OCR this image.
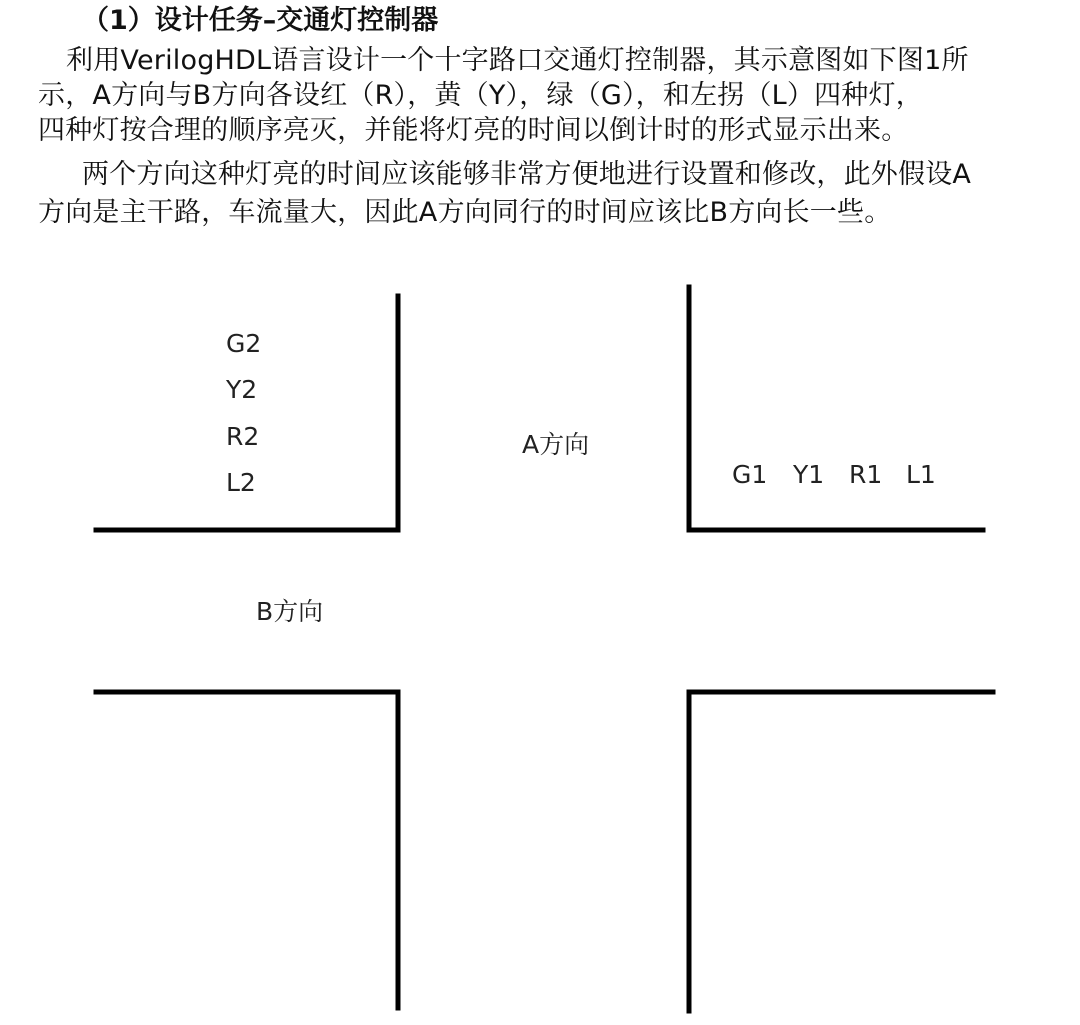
（1）设计任务–交通灯控制器
利用VerilogHDL语言设计一个十字路口交通灯控制器，其示意图如下图1所
示，A方向与B方向各设红（R），黄（Y），绿（G），和左拐（L）四种灯，
四种灯按合理的顺序亮灭，并能将灯亮的时间以倒计时的形式显示出来。
两个方向这种灯亮的时间应该能够非常方便地进行设置和修改，此外假设A
方向是主干路，车流量大，因此A方向同行的时间应该比B方向长一些。
G2
Y2
R2
L2
A方向
G1 Y1 R1 L1
B方向
